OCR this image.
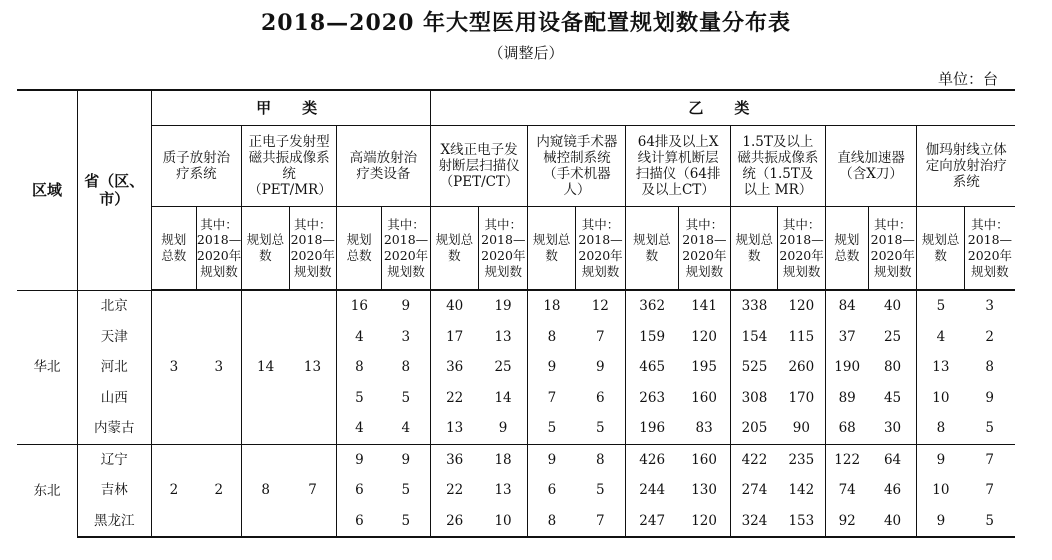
2018—2020 年大型医用设备配置规划数量分布表
（调整后）
单位：台
区域	省（区、市）	甲　类						乙　类											
		质子放射治疗系统		正电子发射型磁共振成像系统（PET/MR）		高端放射治疗类设备		X线正电子发射断层扫描仪（PET/CT）		内窥镜手术器械控制系统（手术机器人）		64排及以上X线计算机断层扫描仪（64排及以上CT）		1.5T及以上磁共振成像系统（1.5T及以上 MR）		直线加速器（含X刀）		伽玛射线立体定向放射治疗系统	
		规划总数	其中：2018—2020年规划数	规划总数	其中：2018—2020年规划数	规划总数	其中：2018—2020年规划数	规划总数	其中：2018—2020年规划数	规划总数	其中：2018—2020年规划数	规划总数	其中：2018—2020年规划数	规划总数	其中：2018—2020年规划数	规划总数	其中：2018—2020年规划数	规划总数	其中：2018—2020年规划数
华北	北京	3	3	14	13	16	9	40	19	18	12	362	141	338	120	84	40	5	3
	天津					4	3	17	13	8	7	159	120	154	115	37	25	4	2
	河北					8	8	36	25	9	9	465	195	525	260	190	80	13	8
	山西					5	5	22	14	7	6	263	160	308	170	89	45	10	9
	内蒙古					4	4	13	9	5	5	196	83	205	90	68	30	8	5
东北	辽宁	2	2	8	7	9	9	36	18	9	8	426	160	422	235	122	64	9	7
	吉林					6	5	22	13	6	5	244	130	274	142	74	46	10	7
	黑龙江					6	5	26	10	8	7	247	120	324	153	92	40	9	5
